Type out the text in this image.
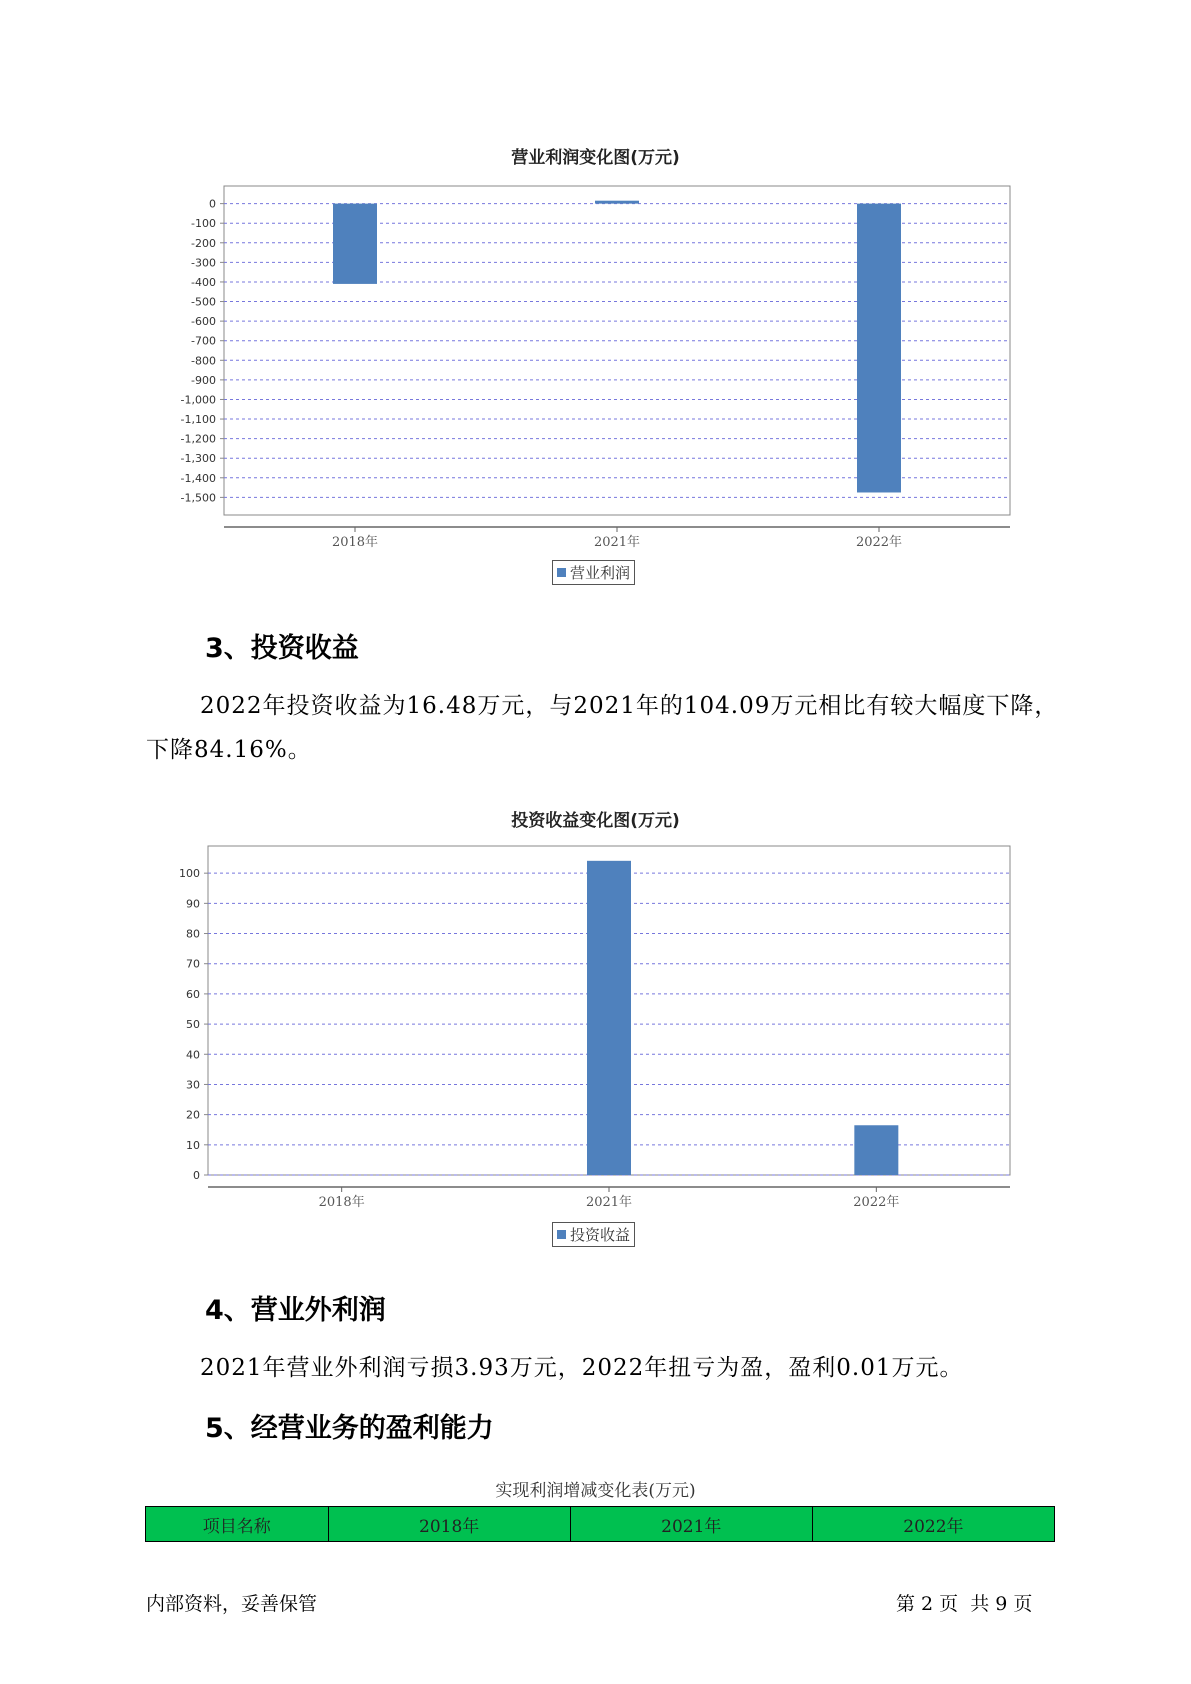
营业利润变化图(万元)
0
-100
-200
-300
-400
-500
-600
-700
-800
-900
-1,000
-1,100
-1,200
-1,300
-1,400
-1,500
2018年	2021年	2022年
营业利润
3、投资收益
2022年投资收益为16.48万元，与2021年的104.09万元相比有较大幅度下降，下降84.16%。
投资收益变化图(万元)
0
10
20
30
40
50
60
70
80
90
100
2018年	2021年	2022年
投资收益
4、营业外利润
2021年营业外利润亏损3.93万元，2022年扭亏为盈，盈利0.01万元。
5、经营业务的盈利能力
实现利润增减变化表(万元)
项目名称	2018年	2021年	2022年
内部资料，妥善保管	第 2 页  共 9 页
